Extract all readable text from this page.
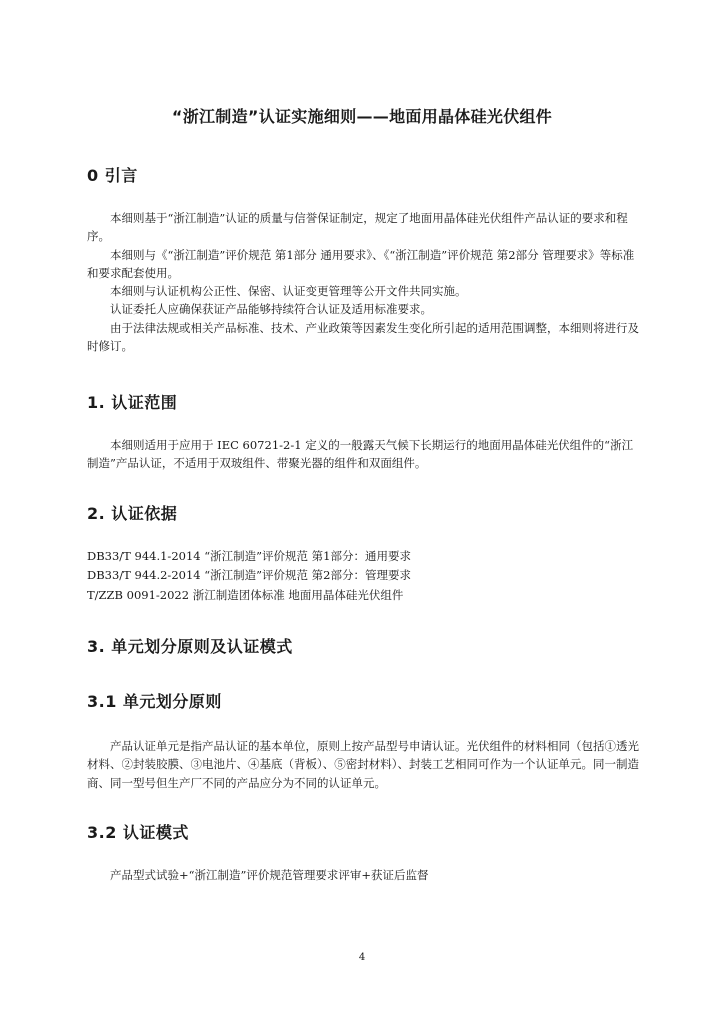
“浙江制造”认证实施细则——地面用晶体硅光伏组件
0 引言

本细则基于“浙江制造”认证的质量与信誉保证制定，规定了地面用晶体硅光伏组件产品认证的要求和程序。

本细则与《“浙江制造”评价规范 第1部分 通用要求》、《“浙江制造”评价规范 第2部分 管理要求》等标准和要求配套使用。

本细则与认证机构公正性、保密、认证变更管理等公开文件共同实施。

认证委托人应确保获证产品能够持续符合认证及适用标准要求。

由于法律法规或相关产品标准、技术、产业政策等因素发生变化所引起的适用范围调整，本细则将进行及时修订。

1. 认证范围

本细则适用于应用于 IEC 60721-2-1 定义的一般露天气候下长期运行的地面用晶体硅光伏组件的“浙江制造”产品认证，不适用于双玻组件、带聚光器的组件和双面组件。

2. 认证依据
DB33/T 944.1-2014 “浙江制造”评价规范 第1部分：通用要求
DB33/T 944.2-2014 “浙江制造”评价规范 第2部分：管理要求
T/ZZB 0091-2022 浙江制造团体标准 地面用晶体硅光伏组件
3. 单元划分原则及认证模式
3.1 单元划分原则

产品认证单元是指产品认证的基本单位，原则上按产品型号申请认证。光伏组件的材料相同（包括①透光材料、②封装胶膜、③电池片、④基底（背板）、⑤密封材料）、封装工艺相同可作为一个认证单元。同一制造商、同一型号但生产厂不同的产品应分为不同的认证单元。

3.2 认证模式

产品型式试验+“浙江制造”评价规范管理要求评审+获证后监督

4
